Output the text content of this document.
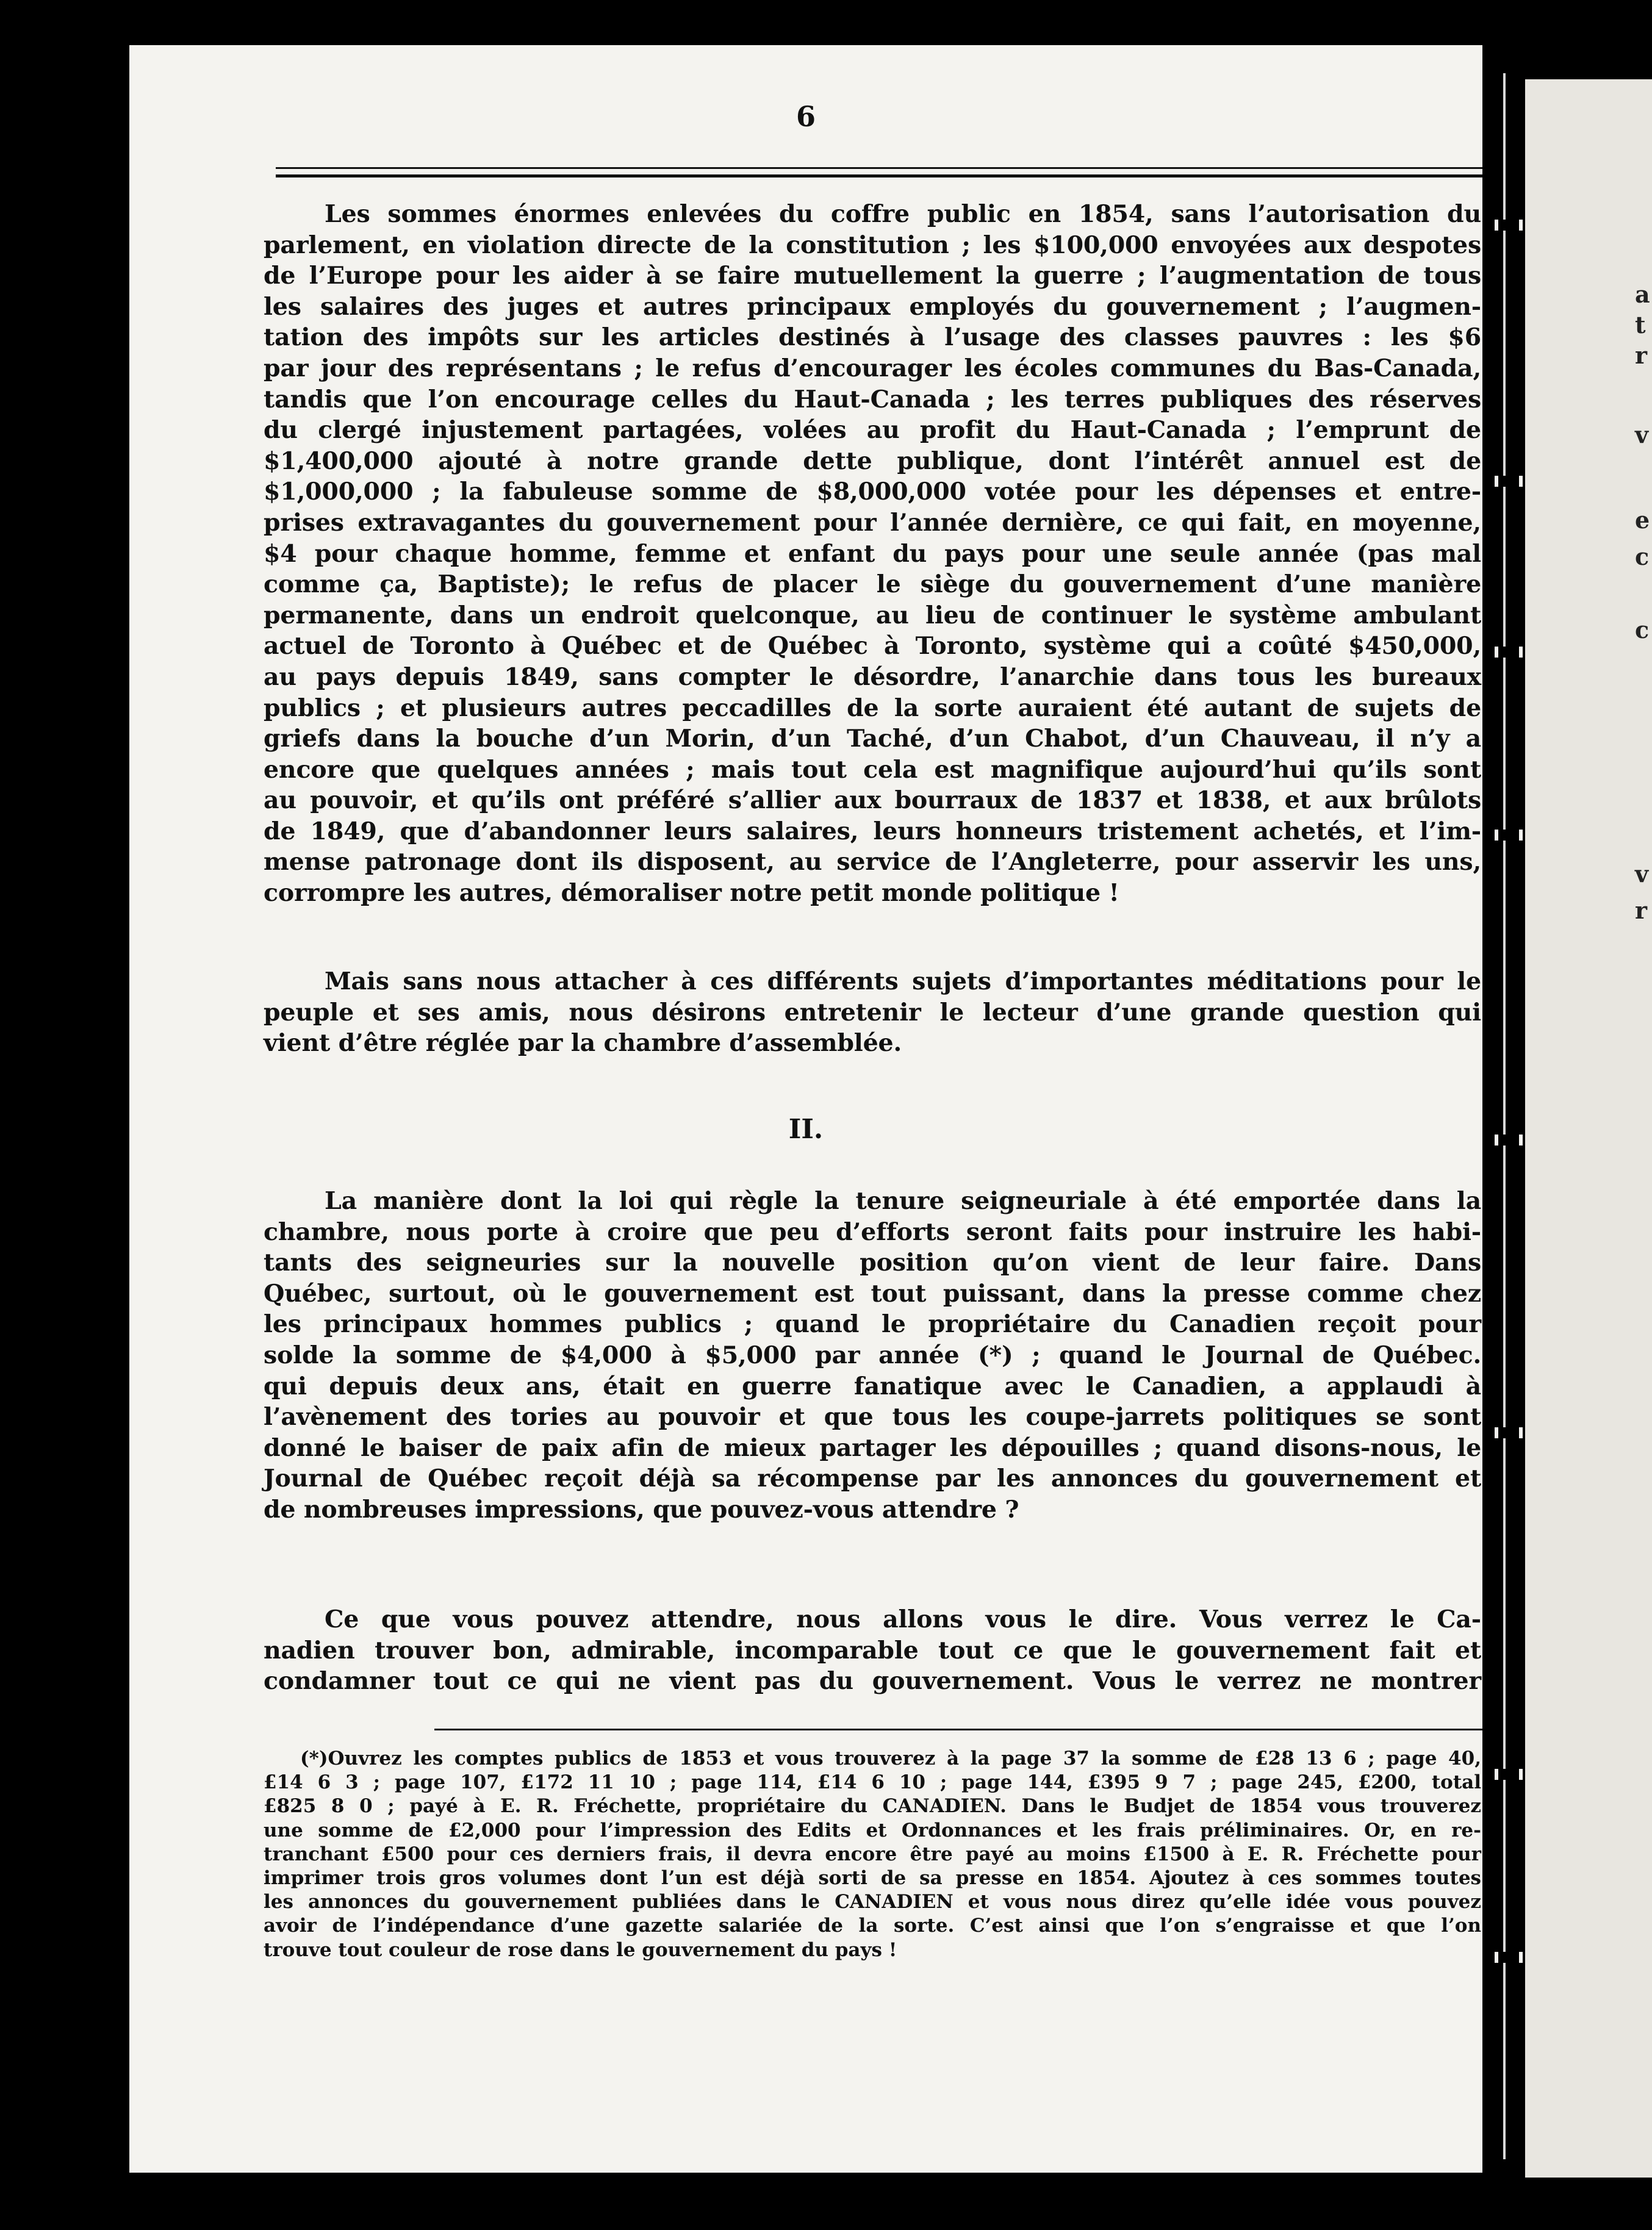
6
Les sommes énormes enlevées du coffre public en 1854, sans l’autorisation du
parlement, en violation directe de la constitution ; les $100,000 envoyées aux despotes
de l’Europe pour les aider à se faire mutuellement la guerre ; l’augmentation de tous
les salaires des juges et autres principaux employés du gouvernement ; l’augmen-
tation des impôts sur les articles destinés à l’usage des classes pauvres : les $6
par jour des représentans ; le refus d’encourager les écoles communes du Bas-Canada,
tandis que l’on encourage celles du Haut-Canada ; les terres publiques des réserves
du clergé injustement partagées, volées au profit du Haut-Canada ; l’emprunt de
$1,400,000 ajouté à notre grande dette publique, dont l’intérêt annuel est de
$1,000,000 ; la fabuleuse somme de $8,000,000 votée pour les dépenses et entre-
prises extravagantes du gouvernement pour l’année dernière, ce qui fait, en moyenne,
$4 pour chaque homme, femme et enfant du pays pour une seule année (pas mal
comme ça, Baptiste); le refus de placer le siège du gouvernement d’une manière
permanente, dans un endroit quelconque, au lieu de continuer le système ambulant
actuel de Toronto à Québec et de Québec à Toronto, système qui a coûté $450,000,
au pays depuis 1849, sans compter le désordre, l’anarchie dans tous les bureaux
publics ; et plusieurs autres peccadilles de la sorte auraient été autant de sujets de
griefs dans la bouche d’un Morin, d’un Taché, d’un Chabot, d’un Chauveau, il n’y a
encore que quelques années ; mais tout cela est magnifique aujourd’hui qu’ils sont
au pouvoir, et qu’ils ont préféré s’allier aux bourraux de 1837 et 1838, et aux brûlots
de 1849, que d’abandonner leurs salaires, leurs honneurs tristement achetés, et l’im-
mense patronage dont ils disposent, au service de l’Angleterre, pour asservir les uns,
corrompre les autres, démoraliser notre petit monde politique !
Mais sans nous attacher à ces différents sujets d’importantes méditations pour le
peuple et ses amis, nous désirons entretenir le lecteur d’une grande question qui
vient d’être réglée par la chambre d’assemblée.

II.
La manière dont la loi qui règle la tenure seigneuriale à été emportée dans la
chambre, nous porte à croire que peu d’efforts seront faits pour instruire les habi-
tants des seigneuries sur la nouvelle position qu’on vient de leur faire. Dans
Québec, surtout, où le gouvernement est tout puissant, dans la presse comme chez
les principaux hommes publics ; quand le propriétaire du Canadien reçoit pour
solde la somme de $4,000 à $5,000 par année (*) ; quand le Journal de Québec.
qui depuis deux ans, était en guerre fanatique avec le Canadien, a applaudi à
l’avènement des tories au pouvoir et que tous les coupe-jarrets politiques se sont
donné le baiser de paix afin de mieux partager les dépouilles ; quand disons-nous, le
Journal de Québec reçoit déjà sa récompense par les annonces du gouvernement et
de nombreuses impressions, que pouvez-vous attendre ?
Ce que vous pouvez attendre, nous allons vous le dire. Vous verrez le Ca-
nadien trouver bon, admirable, incomparable tout ce que le gouvernement fait et
condamner tout ce qui ne vient pas du gouvernement. Vous le verrez ne montrer
(*)Ouvrez les comptes publics de 1853 et vous trouverez à la page 37 la somme de £28 13 6 ; page 40,
£14 6 3 ; page 107, £172 11 10 ; page 114, £14 6 10 ; page 144, £395 9 7 ; page 245, £200, total
£825 8 0 ; payé à E. R. Fréchette, propriétaire du CANADIEN. Dans le Budjet de 1854 vous trouverez
une somme de £2,000 pour l’impression des Edits et Ordonnances et les frais préliminaires. Or, en re-
tranchant £500 pour ces derniers frais, il devra encore être payé au moins £1500 à E. R. Fréchette pour
imprimer trois gros volumes dont l’un est déjà sorti de sa presse en 1854. Ajoutez à ces sommes toutes
les annonces du gouvernement publiées dans le CANADIEN et vous nous direz qu’elle idée vous pouvez
avoir de l’indépendance d’une gazette salariée de la sorte. C’est ainsi que l’on s’engraisse et que l’on
trouve tout couleur de rose dans le gouvernement du pays !
a
t
r
v
e
c
c
v
r
